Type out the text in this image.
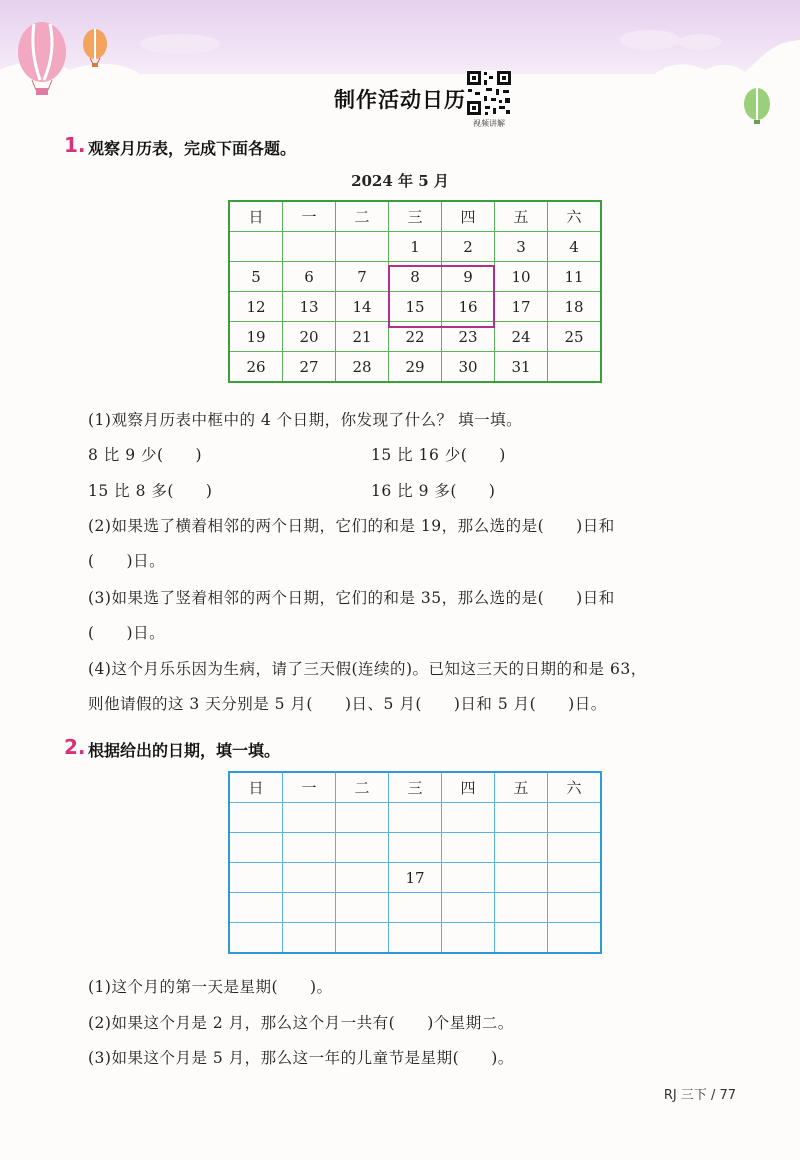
制作活动日历
视频讲解
1. 观察月历表，完成下面各题。
2024 年 5 月
日	一	二	三	四	五	六
			1	2	3	4
5	6	7	8	9	10	11
12	13	14	15	16	17	18
19	20	21	22	23	24	25
26	27	28	29	30	31	
(1)观察月历表中框中的 4 个日期，你发现了什么？ 填一填。
8 比 9 少(　　)	15 比 16 少(　　)
15 比 8 多(　　)	16 比 9 多(　　)
(2)如果选了横着相邻的两个日期，它们的和是 19，那么选的是(　　)日和
(　　)日。
(3)如果选了竖着相邻的两个日期，它们的和是 35，那么选的是(　　)日和
(　　)日。
(4)这个月乐乐因为生病，请了三天假(连续的)。已知这三天的日期的和是 63，
则他请假的这 3 天分别是 5 月(　　)日、5 月(　　)日和 5 月(　　)日。
2. 根据给出的日期，填一填。
日	一	二	三	四	五	六

			17			

(1)这个月的第一天是星期(　　)。
(2)如果这个月是 2 月，那么这个月一共有(　　)个星期二。
(3)如果这个月是 5 月，那么这一年的儿童节是星期(　　)。
RJ 三下 / 77
